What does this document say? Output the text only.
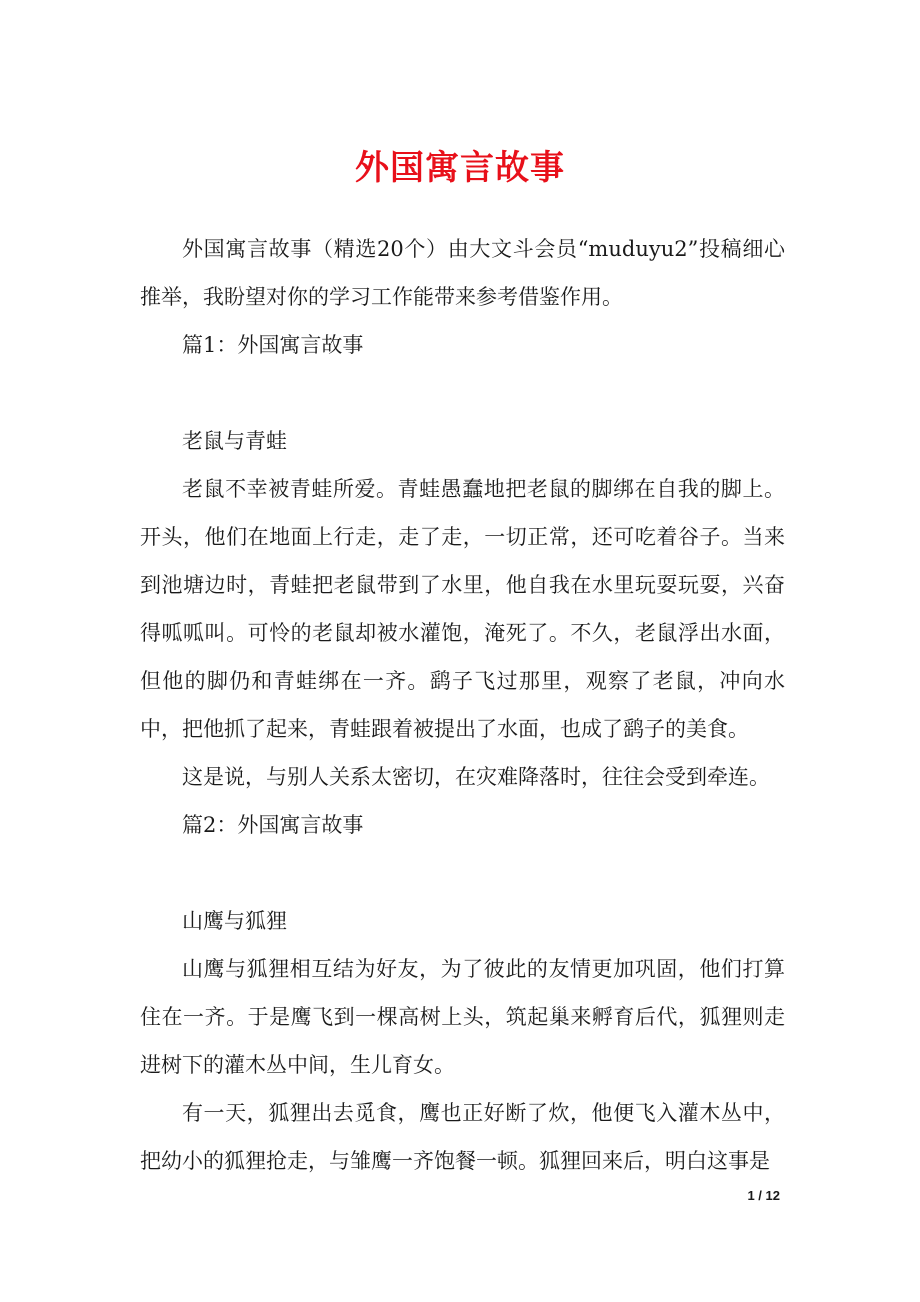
外国寓言故事

外国寓言故事（精选20个）由大文斗会员“muduyu2”投稿细心推举，我盼望对你的学习工作能带来参考借鉴作用。

篇1：外国寓言故事

老鼠与青蛙

老鼠不幸被青蛙所爱。青蛙愚蠢地把老鼠的脚绑在自我的脚上。开头，他们在地面上行走，走了走，一切正常，还可吃着谷子。当来到池塘边时，青蛙把老鼠带到了水里，他自我在水里玩耍玩耍，兴奋得呱呱叫。可怜的老鼠却被水灌饱，淹死了。不久，老鼠浮出水面，但他的脚仍和青蛙绑在一齐。鹞子飞过那里，观察了老鼠，冲向水中，把他抓了起来，青蛙跟着被提出了水面，也成了鹞子的美食。

这是说，与别人关系太密切，在灾难降落时，往往会受到牵连。

篇2：外国寓言故事

山鹰与狐狸

山鹰与狐狸相互结为好友，为了彼此的友情更加巩固，他们打算住在一齐。于是鹰飞到一棵高树上头，筑起巢来孵育后代，狐狸则走进树下的灌木丛中间，生儿育女。

有一天，狐狸出去觅食，鹰也正好断了炊，他便飞入灌木丛中，把幼小的狐狸抢走，与雏鹰一齐饱餐一顿。狐狸回来后，明白这事是

1 / 12
